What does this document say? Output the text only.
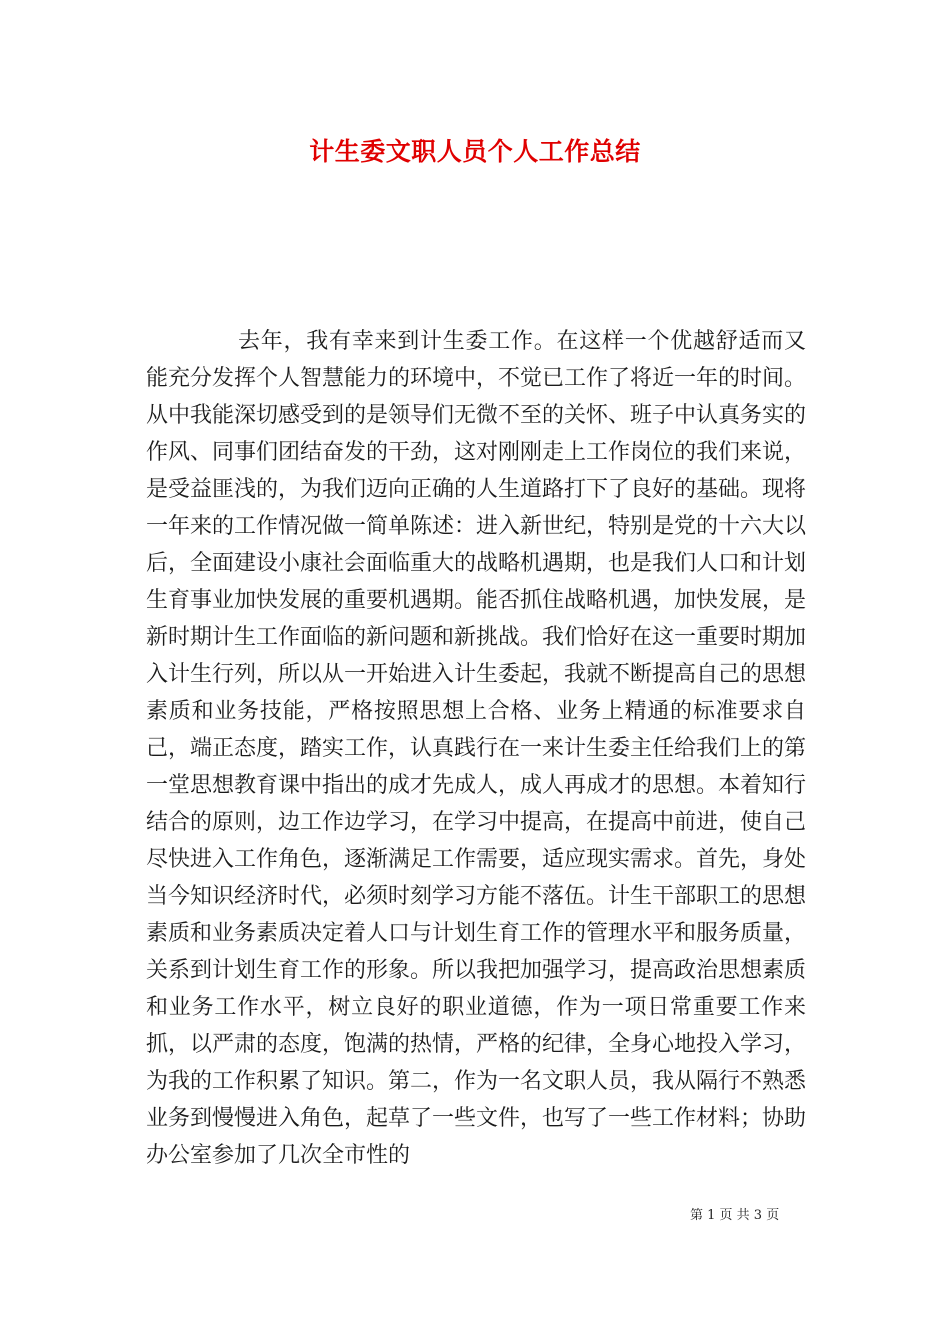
计生委文职人员个人工作总结

去年，我有幸来到计生委工作。在这样一个优越舒适而又能充分发挥个人智慧能力的环境中，不觉已工作了将近一年的时间。从中我能深切感受到的是领导们无微不至的关怀、班子中认真务实的作风、同事们团结奋发的干劲，这对刚刚走上工作岗位的我们来说，是受益匪浅的，为我们迈向正确的人生道路打下了良好的基础。现将一年来的工作情况做一简单陈述：进入新世纪，特别是党的十六大以后，全面建设小康社会面临重大的战略机遇期，也是我们人口和计划生育事业加快发展的重要机遇期。能否抓住战略机遇，加快发展，是新时期计生工作面临的新问题和新挑战。我们恰好在这一重要时期加入计生行列，所以从一开始进入计生委起，我就不断提高自己的思想素质和业务技能，严格按照思想上合格、业务上精通的标准要求自己，端正态度，踏实工作，认真践行在一来计生委主任给我们上的第一堂思想教育课中指出的成才先成人，成人再成才的思想。本着知行结合的原则，边工作边学习，在学习中提高，在提高中前进，使自己尽快进入工作角色，逐渐满足工作需要，适应现实需求。首先，身处当今知识经济时代，必须时刻学习方能不落伍。计生干部职工的思想素质和业务素质决定着人口与计划生育工作的管理水平和服务质量，关系到计划生育工作的形象。所以我把加强学习，提高政治思想素质和业务工作水平，树立良好的职业道德，作为一项日常重要工作来抓，以严肃的态度，饱满的热情，严格的纪律，全身心地投入学习，为我的工作积累了知识。第二，作为一名文职人员，我从隔行不熟悉业务到慢慢进入角色，起草了一些文件，也写了一些工作材料；协助办公室参加了几次全市性的

第 1 页 共 3 页
